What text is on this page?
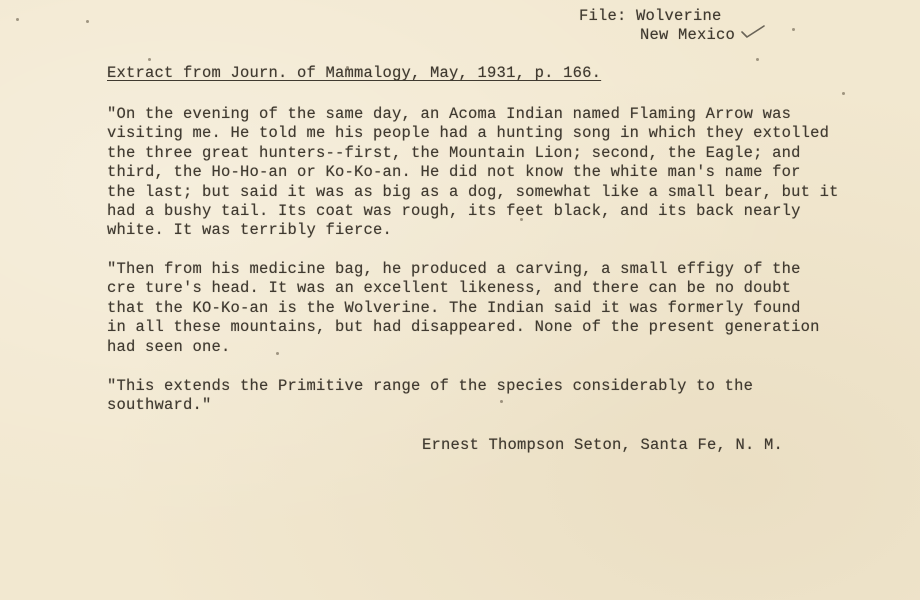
File: Wolverine
New Mexico
Extract from Journ. of Mammalogy, May, 1931, p. 166.

"On the evening of the same day, an Acoma Indian named Flaming Arrow was
visiting me. He told me his people had a hunting song in which they extolled
the three great hunters--first, the Mountain Lion; second, the Eagle; and
third, the Ho-Ho-an or Ko-Ko-an. He did not know the white man's name for
the last; but said it was as big as a dog, somewhat like a small bear, but it
had a bushy tail. Its coat was rough, its feet black, and its back nearly
white. It was terribly fierce.

"Then from his medicine bag, he produced a carving, a small effigy of the
cre ture's head. It was an excellent likeness, and there can be no doubt
that the KO-Ko-an is the Wolverine. The Indian said it was formerly found
in all these mountains, but had disappeared. None of the present generation
had seen one.

"This extends the Primitive range of the species considerably to the
southward."

Ernest Thompson Seton, Santa Fe, N. M.
